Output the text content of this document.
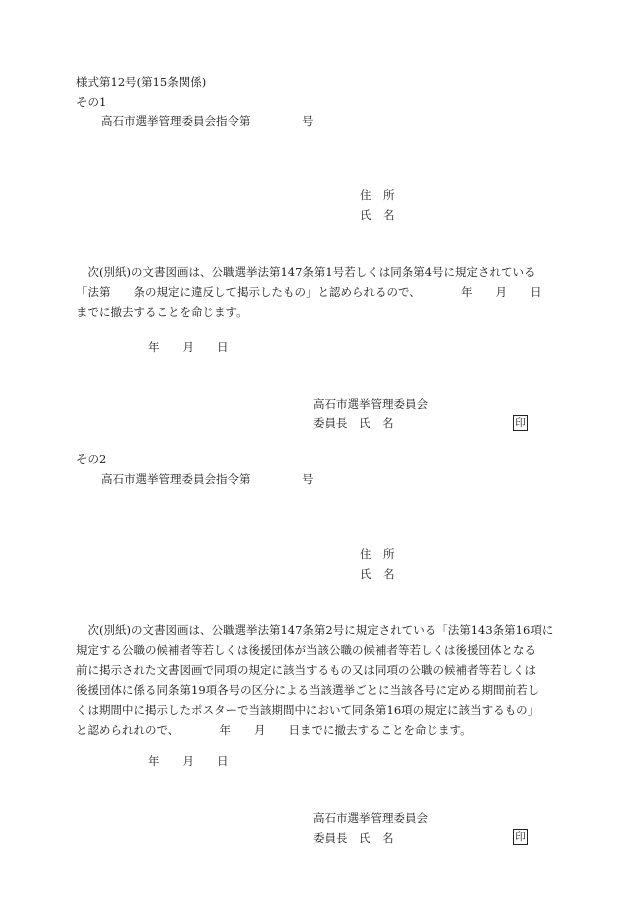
様式第12号(第15条関係)
その1
高石市選挙管理委員会指令第	号
住　所
氏　名
　次(別紙)の文書図画は、公職選挙法第147条第1号若しくは同条第4号に規定されている
「法第　　条の規定に違反して掲示したもの」と認められるので、　　　　年　　月　　日
までに撤去することを命じます。
年　　月　　日
高石市選挙管理委員会
委員長　氏　名	印
その2
高石市選挙管理委員会指令第	号
住　所
氏　名
　次(別紙)の文書図画は、公職選挙法第147条第2号に規定されている「法第143条第16項に
規定する公職の候補者等若しくは後援団体が当該公職の候補者等若しくは後援団体となる
前に掲示された文書図画で同項の規定に該当するもの又は同項の公職の候補者等若しくは
後援団体に係る同条第19項各号の区分による当該選挙ごとに当該各号に定める期間前若し
くは期間中に掲示したポスターで当該期間中において同条第16項の規定に該当するもの」
と認められれので、　　　　年　　月　　日までに撤去することを命じます。
年　　月　　日
高石市選挙管理委員会
委員長　氏　名	印
